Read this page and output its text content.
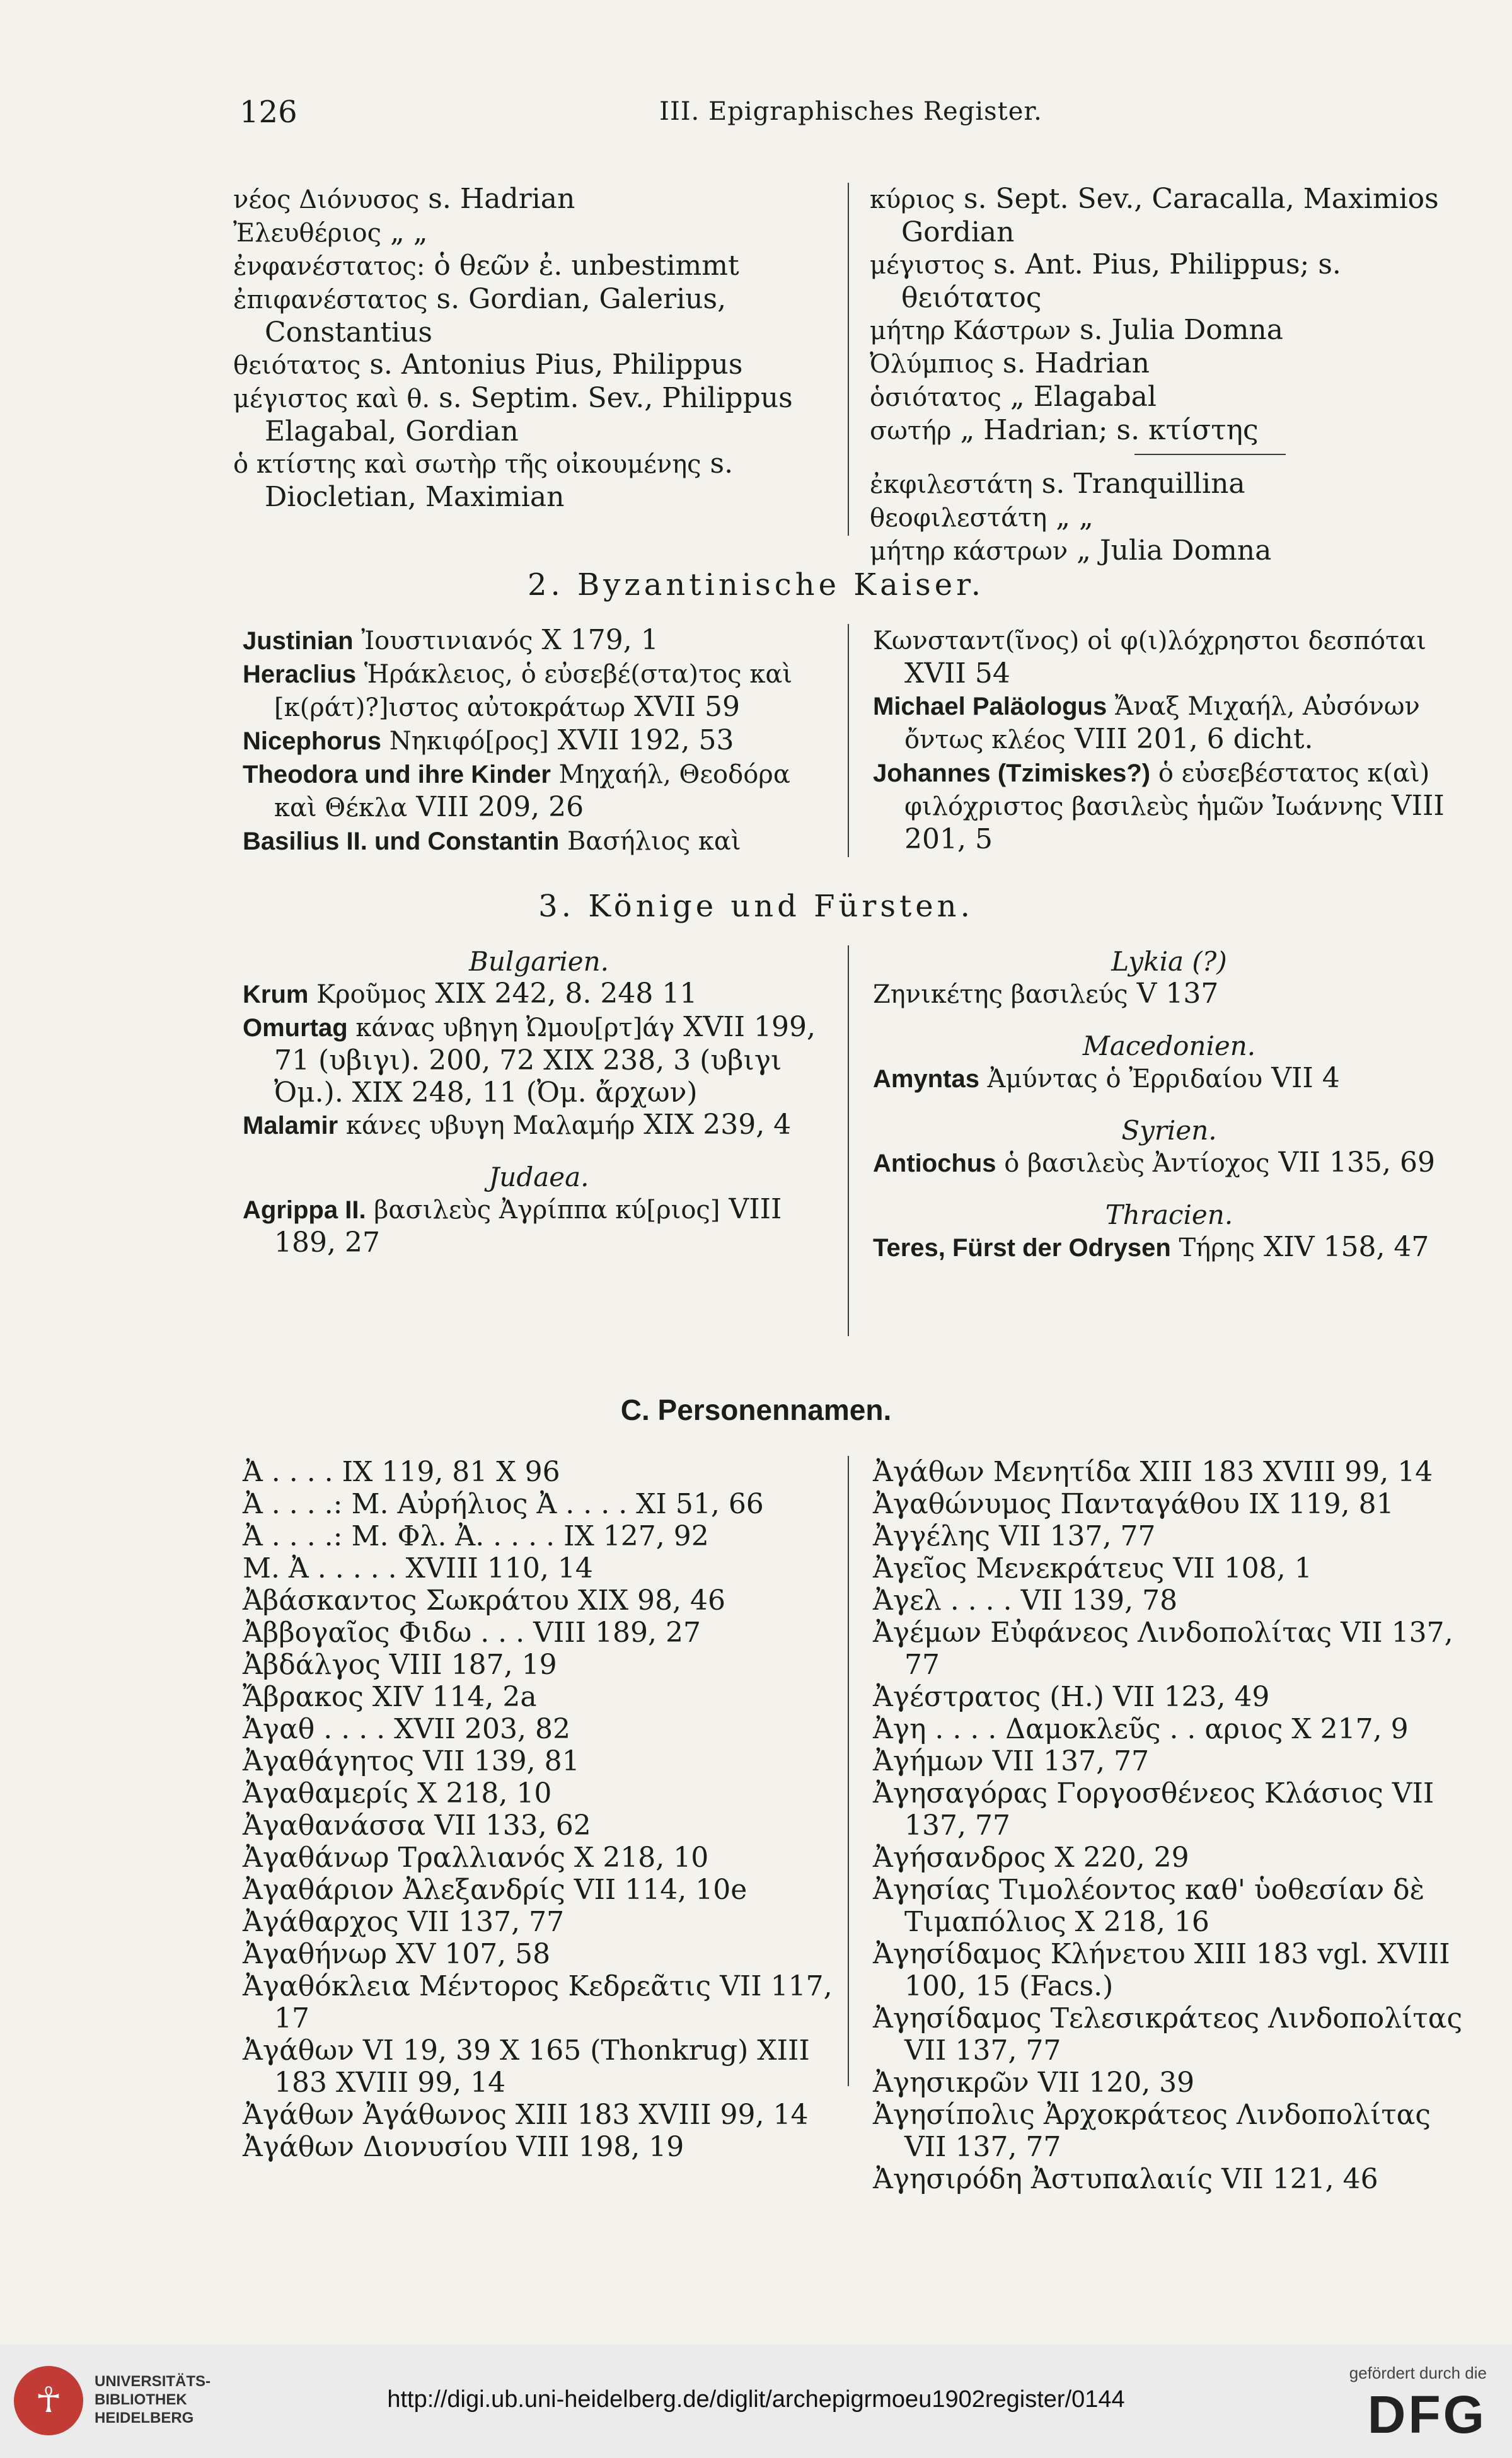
126	III. Epigraphisches Register.

νέος Διόνυσος s. Hadrian

Ἐλευθέριος „ „

ἐνφανέστατος: ὁ θεῶν ἐ. unbestimmt

ἐπιφανέστατος s. Gordian, Galerius, Constantius

θειότατος s. Antonius Pius, Philippus

μέγιστος καὶ θ. s. Septim. Sev., Philippus Elagabal, Gordian

ὁ κτίστης καὶ σωτὴρ τῆς οἰκουμένης s. Diocletian, Maximian

κύριος s. Sept. Sev., Caracalla, Maximios Gordian

μέγιστος s. Ant. Pius, Philippus; s. θειότατος

μήτηρ Κάστρων s. Julia Domna

Ὀλύμπιος s. Hadrian

ὁσιότατος „ Elagabal

σωτήρ „ Hadrian; s. κτίστης

ἐκφιλεστάτη s. Tranquillina

θεοφιλεστάτη „ „

μήτηρ κάστρων „ Julia Domna

2. Byzantinische Kaiser.

Justinian Ἰουστινιανός X 179, 1

Heraclius Ἡράκλειος, ὁ εὐσεβέ(στα)τος καὶ [κ(ράτ)?]ιστος αὐτοκράτωρ XVII 59

Nicephorus Νηκιφό[ρος] XVII 192, 53

Theodora und ihre Kinder Μηχαήλ, Θεοδόρα καὶ Θέκλα VIII 209, 26

Basilius II. und Constantin Βασήλιος καὶ

Κωνσταντ(ῖνος) οἱ φ(ι)λόχρηστοι δεσπόται XVII 54

Michael Paläologus Ἄναξ Μιχαήλ, Αὐσόνων ὄντως κλέος VIII 201, 6 dicht.

Johannes (Tzimiskes?) ὁ εὐσεβέστατος κ(αὶ) φιλόχριστος βασιλεὺς ἡμῶν Ἰωάννης VIII 201, 5

3. Könige und Fürsten.

Bulgarien.

Krum Κροῦμος XIX 242, 8. 248 11

Omurtag κάνας υβηγη Ὠμου[ρτ]άγ XVII 199, 71 (υβιγι). 200, 72 XIX 238, 3 (υβιγι Ὀμ.). XIX 248, 11 (Ὀμ. ἄρχων)

Malamir κάνες υβυγη Μαλαμήρ XIX 239, 4

Judaea.

Agrippa II. βασιλεὺς Ἀγρίππα κύ[ριος] VIII 189, 27

Lykia (?)

Ζηνικέτης βασιλεύς V 137

Macedonien.

Amyntas Ἀμύντας ὁ Ἐρριδαίου VII 4

Syrien.

Antiochus ὁ βασιλεὺς Ἀντίοχος VII 135, 69

Thracien.

Teres, Fürst der Odrysen Τήρης XIV 158, 47

C. Personennamen.

Ἀ . . . . IX 119, 81 X 96

Ἀ . . . .: Μ. Αὐρήλιος Ἀ . . . . XI 51, 66

Ἀ . . . .: Μ. Φλ. Ἀ. . . . . IX 127, 92

Μ. Ἀ . . . . . XVIII 110, 14

Ἀβάσκαντος Σωκράτου XIX 98, 46

Ἀββογαῖος Φιδω . . . VIII 189, 27

Ἀβδάλγος VIII 187, 19

Ἄβρακος XIV 114, 2a

Ἀγαθ . . . . XVII 203, 82

Ἀγαθάγητος VII 139, 81

Ἀγαθαμερίς X 218, 10

Ἀγαθανάσσα VII 133, 62

Ἀγαθάνωρ Τραλλιανός X 218, 10

Ἀγαθάριον Ἀλεξανδρίς VII 114, 10e

Ἀγάθαρχος VII 137, 77

Ἀγαθήνωρ XV 107, 58

Ἀγαθόκλεια Μέντορος Κεδρεᾶτις VII 117, 17

Ἀγάθων VI 19, 39 X 165 (Thonkrug) XIII 183 XVIII 99, 14

Ἀγάθων Ἀγάθωνος XIII 183 XVIII 99, 14

Ἀγάθων Διονυσίου VIII 198, 19

Ἀγάθων Μενητίδα XIII 183 XVIII 99, 14

Ἀγαθώνυμος Πανταγάθου IX 119, 81

Ἀγγέλης VII 137, 77

Ἀγεῖος Μενεκράτευς VII 108, 1

Ἀγελ . . . . VII 139, 78

Ἀγέμων Εὐφάνεος Λινδοπολίτας VII 137, 77

Ἀγέστρατος (Η.) VII 123, 49

Ἀγη . . . . Δαμοκλεῦς . . αριος X 217, 9

Ἀγήμων VII 137, 77

Ἀγησαγόρας Γοργοσθένεος Κλάσιος VII 137, 77

Ἀγήσανδρος X 220, 29

Ἀγησίας Τιμολέοντος καθ' ὑοθεσίαν δὲ Τιμαπόλιος X 218, 16

Ἀγησίδαμος Κλήνετου XIII 183 vgl. XVIII 100, 15 (Facs.)

Ἀγησίδαμος Τελεσικράτεος Λινδοπολίτας VII 137, 77

Ἀγησικρῶν VII 120, 39

Ἀγησίπολις Ἀρχοκράτεος Λινδοπολίτας VII 137, 77

Ἀγησιρόδη Ἀστυπαλαιίς VII 121, 46

☥	UNIVERSITÄTS-
BIBLIOTHEK
HEIDELBERG
http://digi.ub.uni-heidelberg.de/diglit/archepigrmoeu1902register/0144
gefördert durch die
DFG
